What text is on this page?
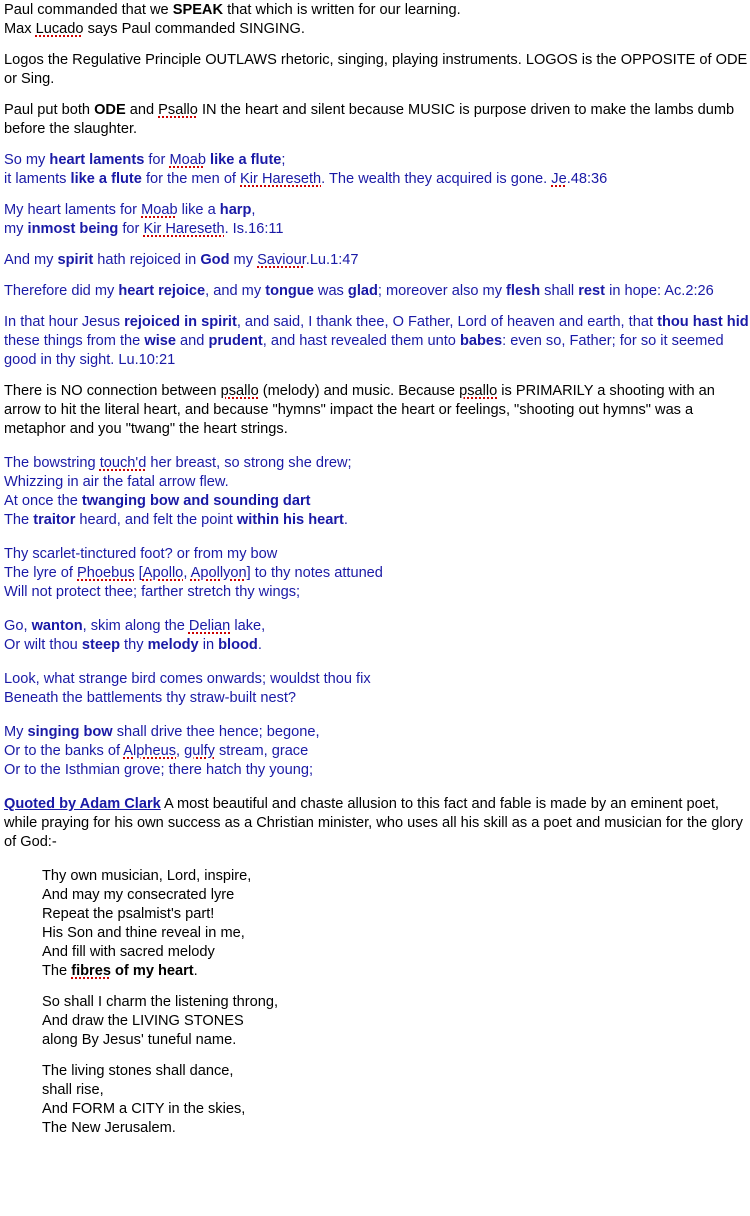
Paul commanded that we SPEAK that which is written for our learning.
Max Lucado says Paul commanded SINGING.

Logos the Regulative Principle OUTLAWS rhetoric, singing, playing instruments. LOGOS is the OPPOSITE of ODE or Sing.

Paul put both ODE and Psallo IN the heart and silent because MUSIC is purpose driven to make the lambs dumb before the slaughter.

So my heart laments for Moab like a flute;
it laments like a flute for the men of Kir Hareseth. The wealth they acquired is gone. Je.48:36

My heart laments for Moab like a harp,
my inmost being for Kir Hareseth. Is.16:11

And my spirit hath rejoiced in God my Saviour.Lu.1:47

Therefore did my heart rejoice, and my tongue was glad; moreover also my flesh shall rest in hope: Ac.2:26

In that hour Jesus rejoiced in spirit, and said, I thank thee, O Father, Lord of heaven and earth, that thou hast hid these things from the wise and prudent, and hast revealed them unto babes: even so, Father; for so it seemed good in thy sight. Lu.10:21

There is NO connection between psallo (melody) and music. Because psallo is PRIMARILY a shooting with an arrow to hit the literal heart, and because "hymns" impact the heart or feelings, "shooting out hymns" was a metaphor and you "twang" the heart strings.

The bowstring touch'd her breast, so strong she drew;
Whizzing in air the fatal arrow flew.
At once the twanging bow and sounding dart
The traitor heard, and felt the point within his heart.

Thy scarlet-tinctured foot? or from my bow
The lyre of Phoebus [Apollo, Apollyon] to thy notes attuned
Will not protect thee; farther stretch thy wings;

Go, wanton, skim along the Delian lake,
Or wilt thou steep thy melody in blood.

Look, what strange bird comes onwards; wouldst thou fix
Beneath the battlements thy straw-built nest?

My singing bow shall drive thee hence; begone,
Or to the banks of Alpheus, gulfy stream, grace
Or to the Isthmian grove; there hatch thy young;

Quoted by Adam Clark A most beautiful and chaste allusion to this fact and fable is made by an eminent poet, while praying for his own success as a Christian minister, who uses all his skill as a poet and musician for the glory of God:-

Thy own musician, Lord, inspire,
And may my consecrated lyre
Repeat the psalmist's part!
His Son and thine reveal in me,
And fill with sacred melody
The fibres of my heart.

So shall I charm the listening throng,
And draw the LIVING STONES
along By Jesus' tuneful name.

The living stones shall dance,
shall rise,
And FORM a CITY in the skies,
The New Jerusalem.
